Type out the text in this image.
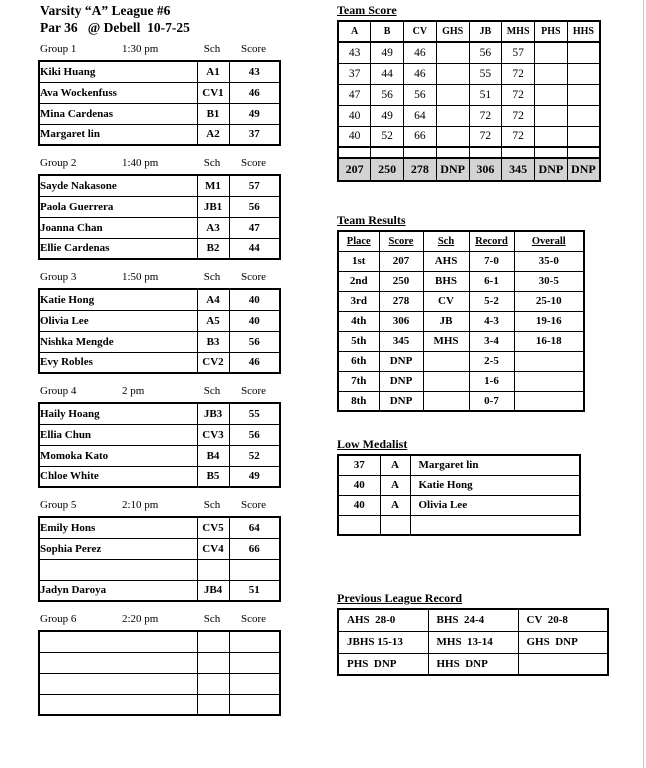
Varsity “A” League #6
Par 36   @ Debell  10-7-25
Group 1	1:30 pm	Sch	Score
Kiki Huang	A1	43
Ava Wockenfuss	CV1	46
Mina Cardenas	B1	49
Margaret lin	A2	37
Group 2	1:40 pm	Sch	Score
Sayde Nakasone	M1	57
Paola Guerrera	JB1	56
Joanna Chan	A3	47
Ellie Cardenas	B2	44
Group 3	1:50 pm	Sch	Score
Katie Hong	A4	40
Olivia Lee	A5	40
Nishka Mengde	B3	56
Evy Robles	CV2	46
Group 4	2 pm	Sch	Score
Haily Hoang	JB3	55
Ellia Chun	CV3	56
Momoka Kato	B4	52
Chloe White	B5	49
Group 5	2:10 pm	Sch	Score
Emily Hons	CV5	64
Sophia Perez	CV4	66

Jadyn Daroya	JB4	51
Group 6	2:20 pm	Sch	Score

Team Score
A	B	CV	GHS	JB	MHS	PHS	HHS
43	49	46		56	57		
37	44	46		55	72		
47	56	56		51	72		
40	49	64		72	72		
40	52	66		72	72		

207	250	278	DNP	306	345	DNP	DNP
Team Results
Place	Score	Sch	Record	Overall
1st	207	AHS	7-0	35-0
2nd	250	BHS	6-1	30-5
3rd	278	CV	5-2	25-10
4th	306	JB	4-3	19-16
5th	345	MHS	3-4	16-18
6th	DNP		2-5	
7th	DNP		1-6	
8th	DNP		0-7	
Low Medalist
37	A	Margaret lin
40	A	Katie Hong
40	A	Olivia Lee

Previous League Record
AHS  28-0	BHS  24-4	CV  20-8
JBHS 15-13	MHS  13-14	GHS  DNP
PHS  DNP	HHS  DNP	
